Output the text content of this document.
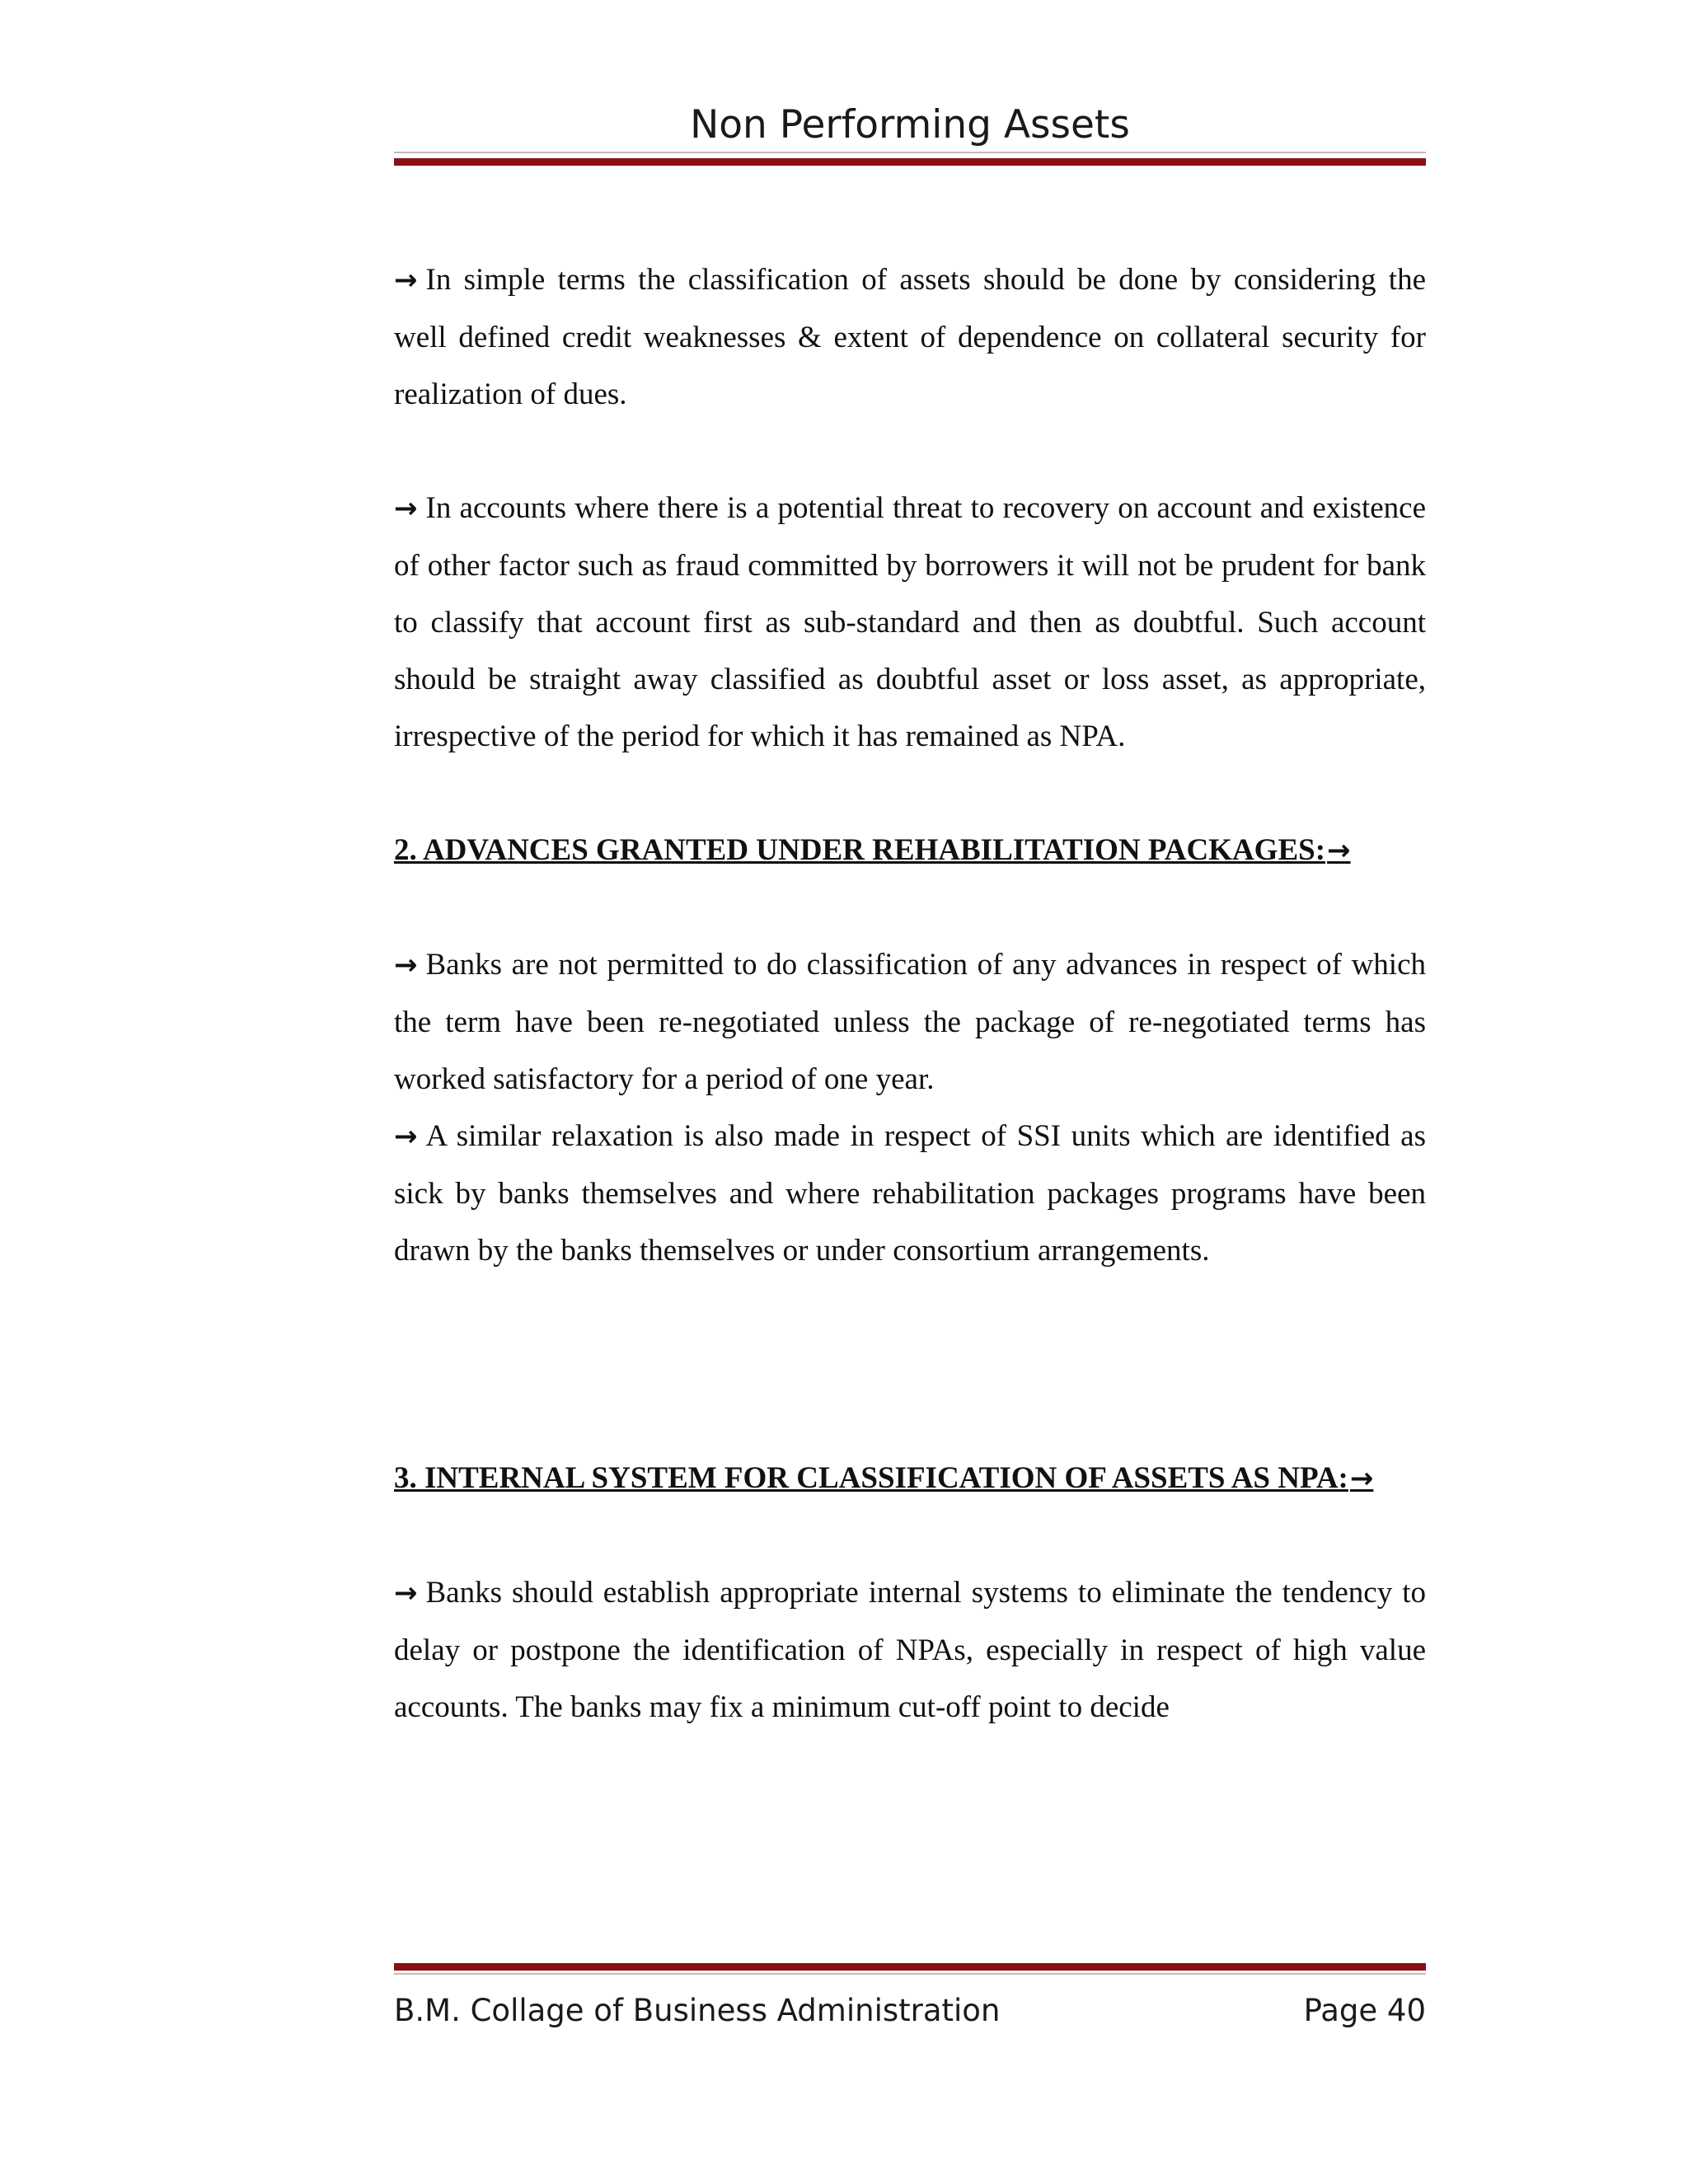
Non Performing Assets

→ In simple terms the classification of assets should be done by considering the well defined credit weaknesses & extent of dependence on collateral security for realization of dues.

→ In accounts where there is a potential threat to recovery on account and existence of other factor such as fraud committed by borrowers it will not be prudent for bank to classify that account first as sub-standard and then as doubtful. Such account should be straight away classified as doubtful asset or loss asset, as appropriate, irrespective of the period for which it has remained as NPA.

2. ADVANCES GRANTED UNDER REHABILITATION PACKAGES:→

→ Banks are not permitted to do classification of any advances in respect of which the term have been re-negotiated unless the package of re-negotiated terms has worked satisfactory for a period of one year.

→ A similar relaxation is also made in respect of SSI units which are identified as sick by banks themselves and where rehabilitation packages programs have been drawn by the banks themselves or under consortium arrangements.

3. INTERNAL SYSTEM FOR CLASSIFICATION OF ASSETS AS NPA:→

→ Banks should establish appropriate internal systems to eliminate the tendency to delay or postpone the identification of NPAs, especially in respect of high value accounts. The banks may fix a minimum cut-off point to decide

B.M. Collage of Business Administration	Page 40
